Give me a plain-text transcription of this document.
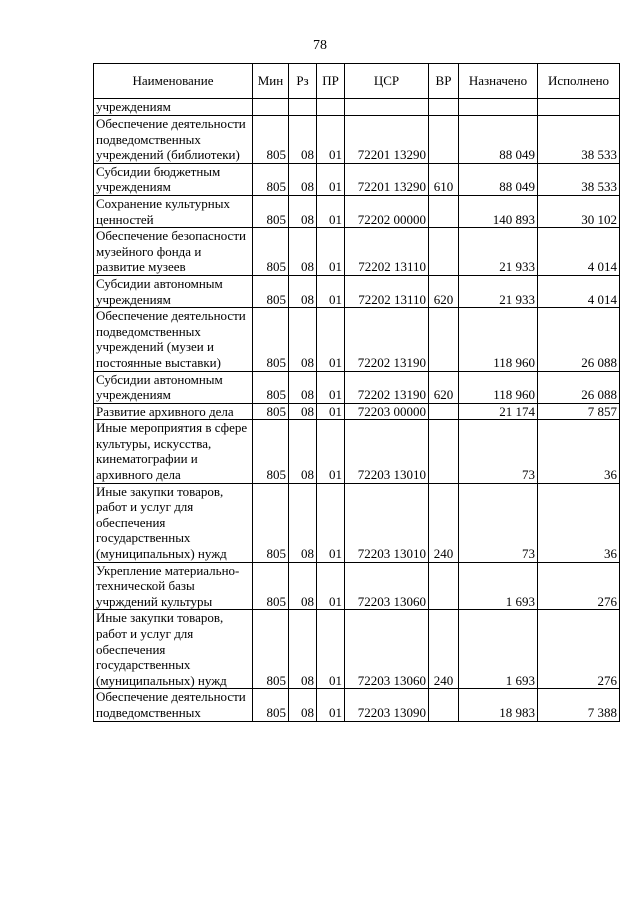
78
Наименование	Мин	Рз	ПР	ЦСР	ВР	Назначено	Исполнено
учреждениям							
Обеспечение деятельности подведомственных учреждений (библиотеки)	805	08	01	72201 13290		88 049	38 533
Субсидии бюджетным учреждениям	805	08	01	72201 13290	610	88 049	38 533
Сохранение культурных ценностей	805	08	01	72202 00000		140 893	30 102
Обеспечение безопасности музейного фонда и развитие музеев	805	08	01	72202 13110		21 933	4 014
Субсидии автономным учреждениям	805	08	01	72202 13110	620	21 933	4 014
Обеспечение деятельности подведомственных учреждений (музеи и постоянные выставки)	805	08	01	72202 13190		118 960	26 088
Субсидии автономным учреждениям	805	08	01	72202 13190	620	118 960	26 088
Развитие архивного дела	805	08	01	72203 00000		21 174	7 857
Иные мероприятия в сфере культуры, искусства, кинематографии и архивного дела	805	08	01	72203 13010		73	36
Иные закупки товаров, работ и услуг для обеспечения государственных (муниципальных) нужд	805	08	01	72203 13010	240	73	36
Укрепление материально-технической базы учрждений культуры	805	08	01	72203 13060		1 693	276
Иные закупки товаров, работ и услуг для обеспечения государственных (муниципальных) нужд	805	08	01	72203 13060	240	1 693	276
Обеспечение деятельности подведомственных	805	08	01	72203 13090		18 983	7 388
